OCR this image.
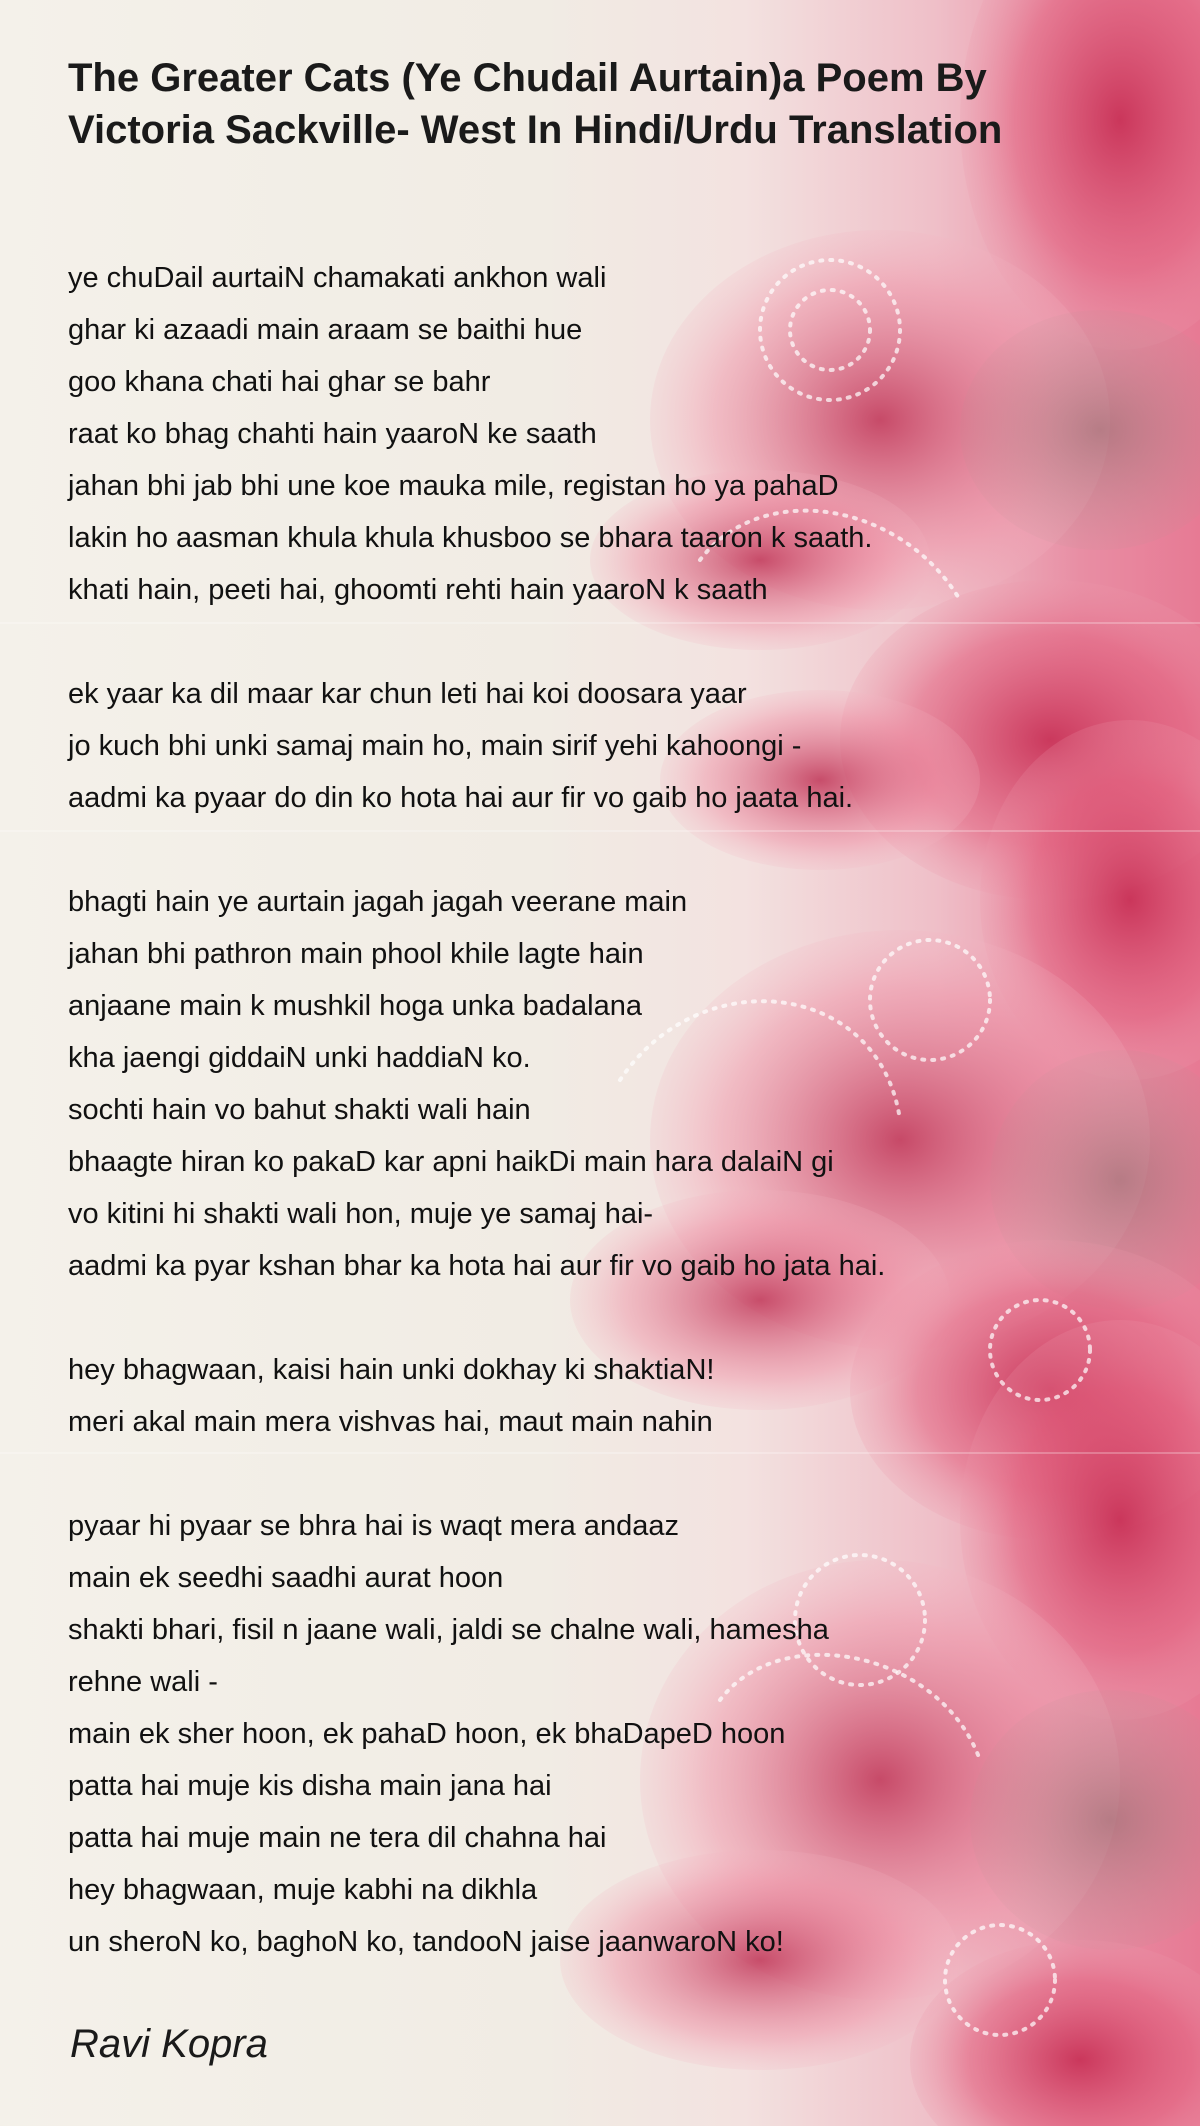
The Greater Cats (Ye Chudail Aurtain)a Poem By Victoria Sackville- West In Hindi/Urdu Translation
ye chuDail aurtaiN chamakati ankhon wali
ghar ki azaadi main araam se baithi hue
goo khana chati hai ghar se bahr
raat ko bhag chahti hain yaaroN ke saath
jahan bhi jab bhi une koe mauka mile, registan ho ya pahaD
lakin ho aasman khula khula khusboo se bhara taaron k saath.
khati hain, peeti hai, ghoomti rehti hain yaaroN k saath
ek yaar ka dil maar kar chun leti hai koi doosara yaar
jo kuch bhi unki samaj main ho, main sirif yehi kahoongi -
aadmi ka pyaar do din ko hota hai aur fir vo gaib ho jaata hai.
bhagti hain ye aurtain jagah jagah veerane main
jahan bhi pathron main phool khile lagte hain
anjaane main k mushkil hoga unka badalana
kha jaengi giddaiN unki haddiaN ko.
sochti hain vo bahut shakti wali hain
bhaagte hiran ko pakaD kar apni haikDi main hara dalaiN gi
vo kitini hi shakti wali hon, muje ye samaj hai-
aadmi ka pyar kshan bhar ka hota hai aur fir vo gaib ho jata hai.
hey bhagwaan, kaisi hain unki dokhay ki shaktiaN!
meri akal main mera vishvas hai, maut main nahin
pyaar hi pyaar se bhra hai is waqt mera andaaz
main ek seedhi saadhi aurat hoon
shakti bhari, fisil n jaane wali, jaldi se chalne wali, hamesha
rehne wali -
main ek sher hoon, ek pahaD hoon, ek bhaDapeD hoon
patta hai muje kis disha main jana hai
patta hai muje main ne tera dil chahna hai
hey bhagwaan, muje kabhi na dikhla
un sheroN ko, baghoN ko, tandooN jaise jaanwaroN ko!
Ravi Kopra
